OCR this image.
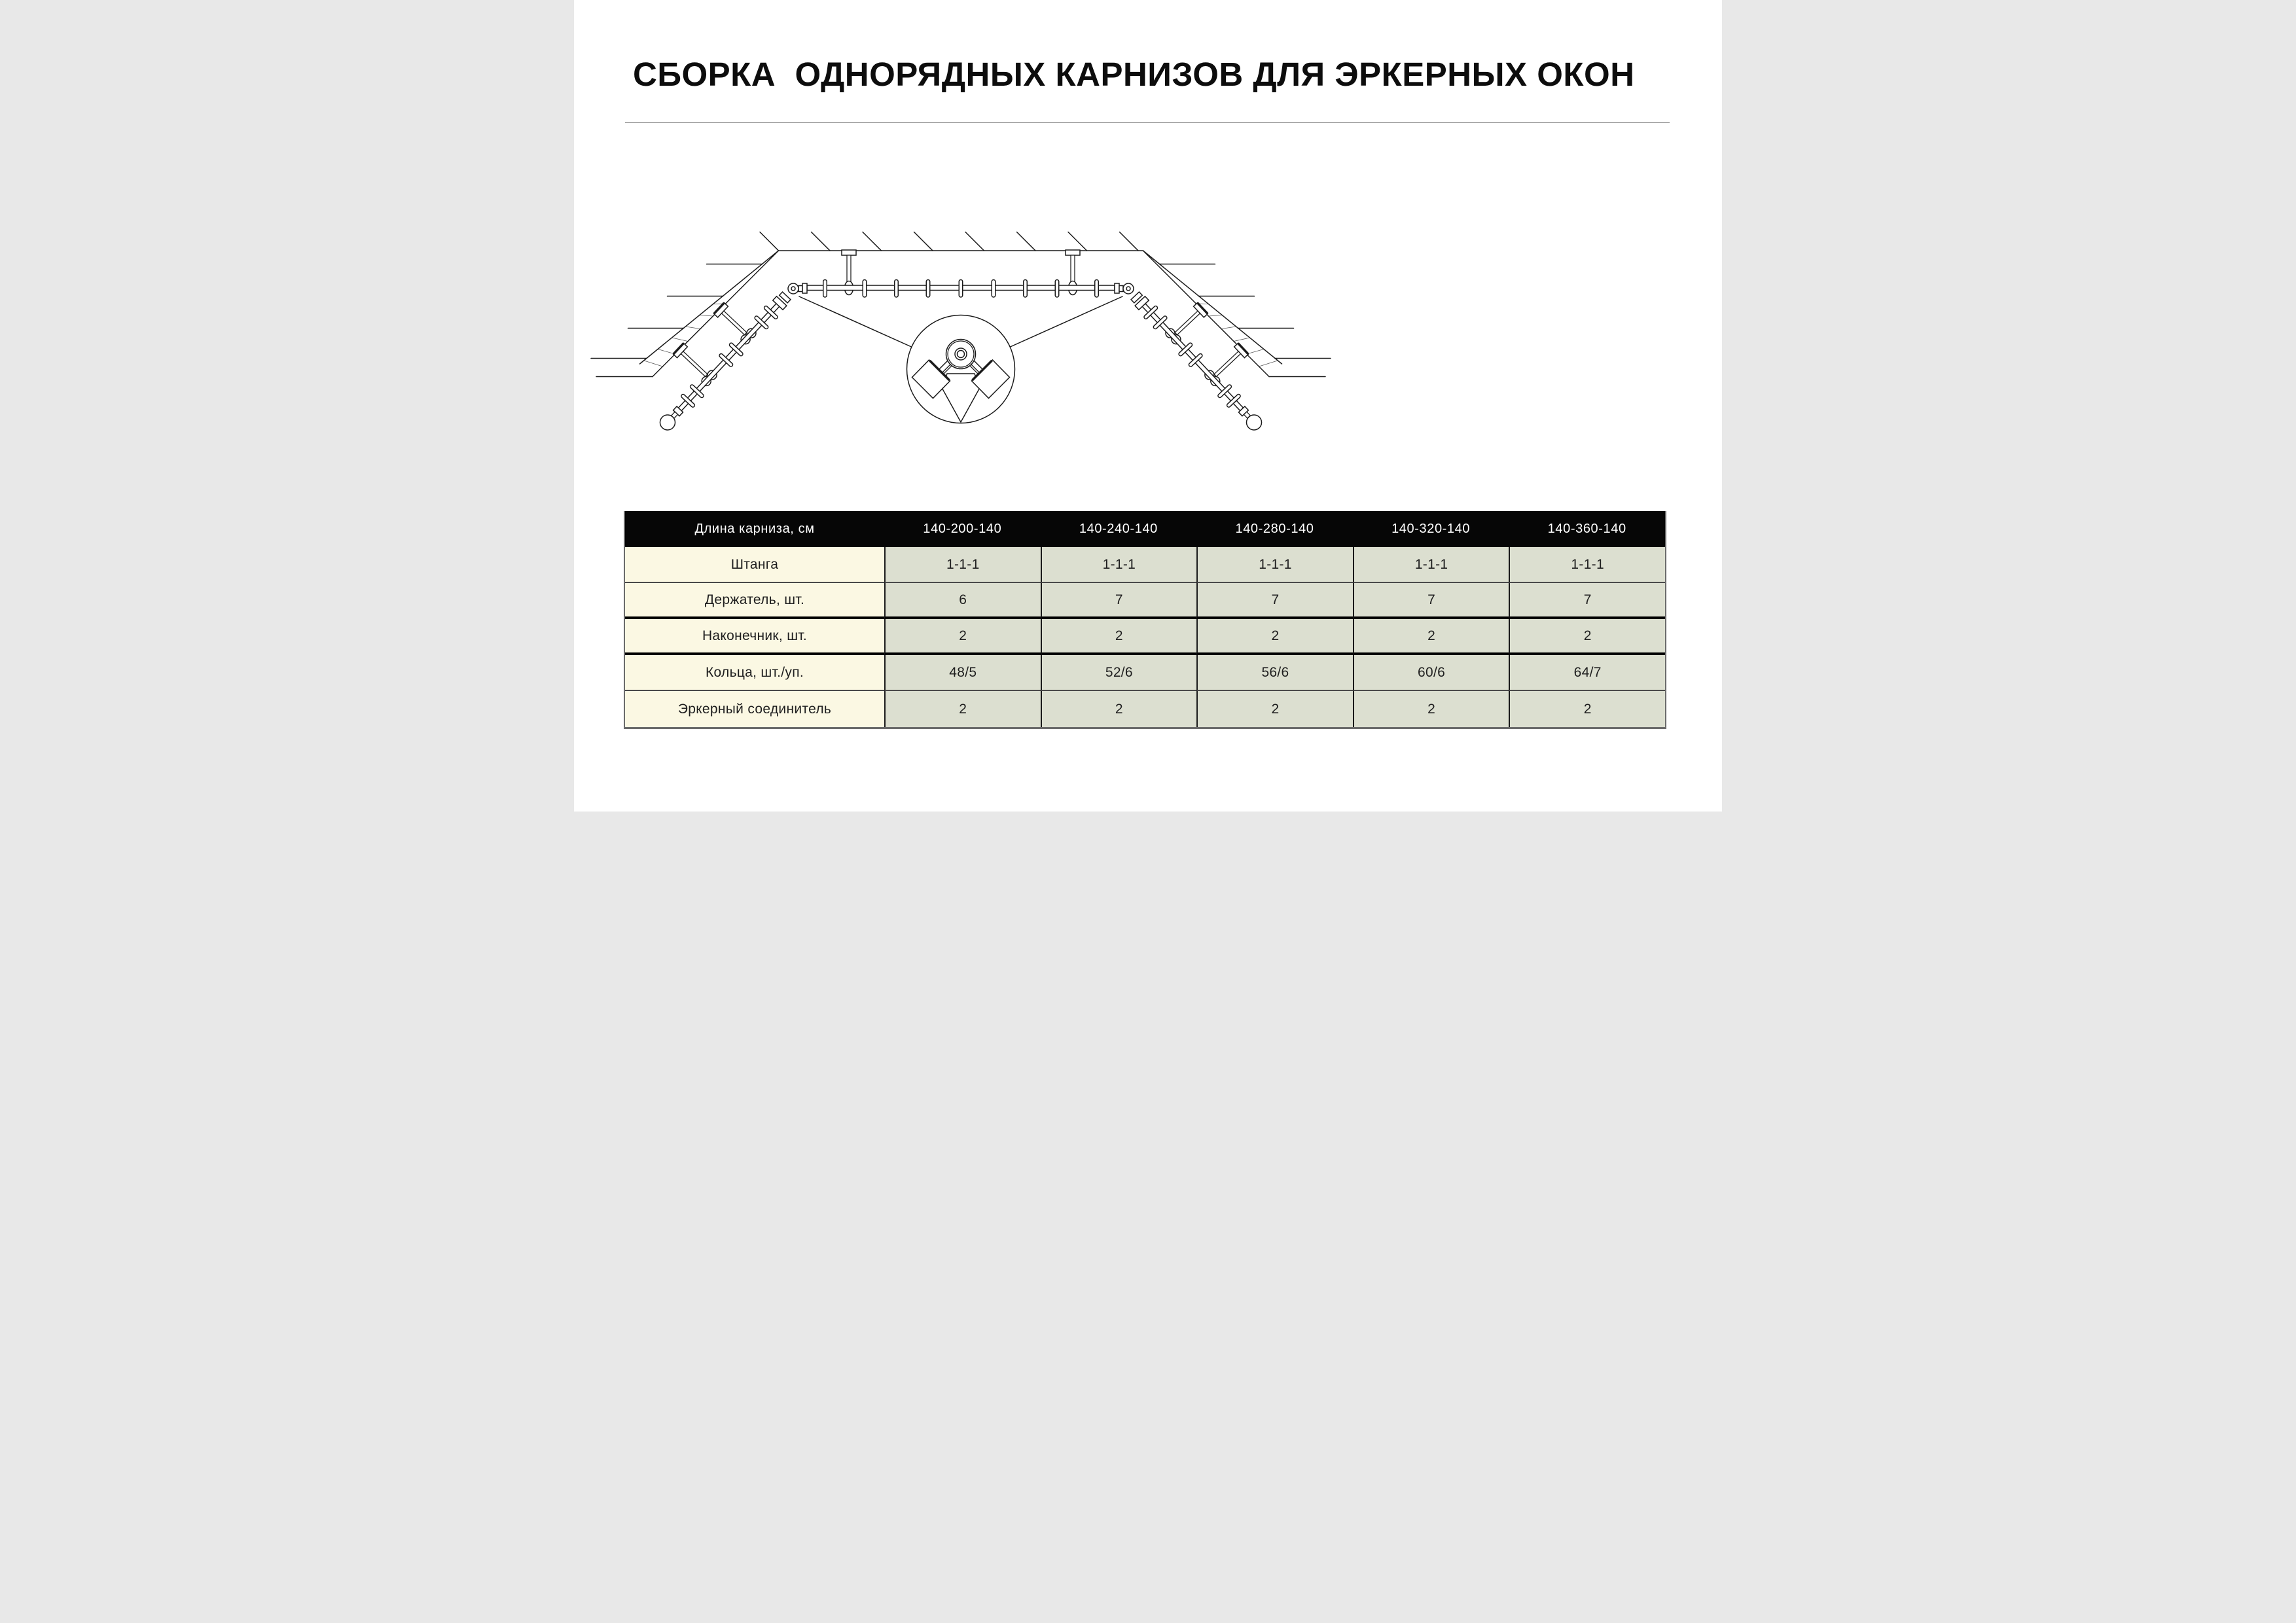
СБОРКА  ОДНОРЯДНЫХ КАРНИЗОВ ДЛЯ ЭРКЕРНЫХ ОКОН
Длина карниза, см	140-200-140	140-240-140	140-280-140	140-320-140	140-360-140
Штанга	1-1-1	1-1-1	1-1-1	1-1-1	1-1-1
Держатель, шт.	6	7	7	7	7
Наконечник, шт.	2	2	2	2	2
Кольца, шт./уп.	48/5	52/6	56/6	60/6	64/7
Эркерный соединитель	2	2	2	2	2
